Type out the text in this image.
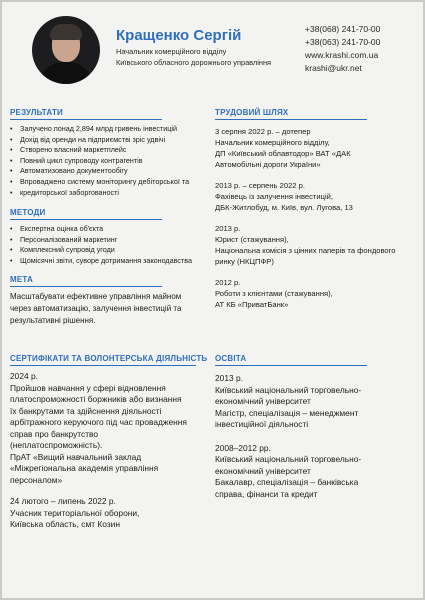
Кращенко Сергій
Начальник комерційного відділу
Київського обласного дорожнього управління
+38(068) 241-70-00
+38(063) 241-70-00
www.krashi.com.ua
krashi@ukr.net
РЕЗУЛЬТАТИ
• Залучено понад 2,894 млрд гривень інвестицій
• Дохід від оренди на підприємстві зріс удвічі
• Створено власний маркетплейс
• Повний цикл супроводу контрагентів
• Автоматизовано документообігу
• Впроваджено систему моніторингу дебіторської та
• кредиторської заборгованості
МЕТОДИ
• Експертна оцінка об'єкта
• Персоналізований маркетинг
• Комплексний супровід угоди
• Щомісячні звіти, суворе дотримання законодавства
МЕТА
Масштабувати ефективне управління майном
через автоматизацію, залучення інвестицій та
результативні рішення.
ТРУДОВИЙ ШЛЯХ
3 серпня 2022 р. – дотепер
Начальник комерційного відділу,
ДП «Київський облавтодор» ВАТ «ДАК
Автомобільні дороги України»
2013 р. – серпень 2022 р.
Фахівець із залучення інвестицій,
ДБК-Житлобуд, м. Київ, вул. Лугова, 13
2013 р.
Юрист (стажування),
Національна комісія з цінних паперів та фондового
ринку (НКЦПФР)
2012 р.
Роботи з клієнтами (стажування),
АТ КБ «ПриватБанк»
СЕРТИФІКАТИ ТА ВОЛОНТЕРСЬКА ДІЯЛЬНІСТЬ
2024 р.
Пройшов навчання у сфері відновлення
платоспроможності боржників або визнання
їх банкрутами та здійснення діяльності
арбітражного керуючого під час провадження
справ про банкрутство
(неплатоспроможність).
ПрАТ «Вищий навчальний заклад
«Міжрегіональна академія управління
персоналом»
24 лютого – липень 2022 р.
Учасник територіальної оборони,
Київська область, смт Козин
ОСВІТА
2013 р.
Київський національний торговельно-
економічний університет
Магістр, спеціалізація – менеджмент
інвестиційної діяльності
2008–2012 рр.
Київський національний торговельно-
економічний університет
Бакалавр, спеціалізація – банківська
справа, фінанси та кредит
